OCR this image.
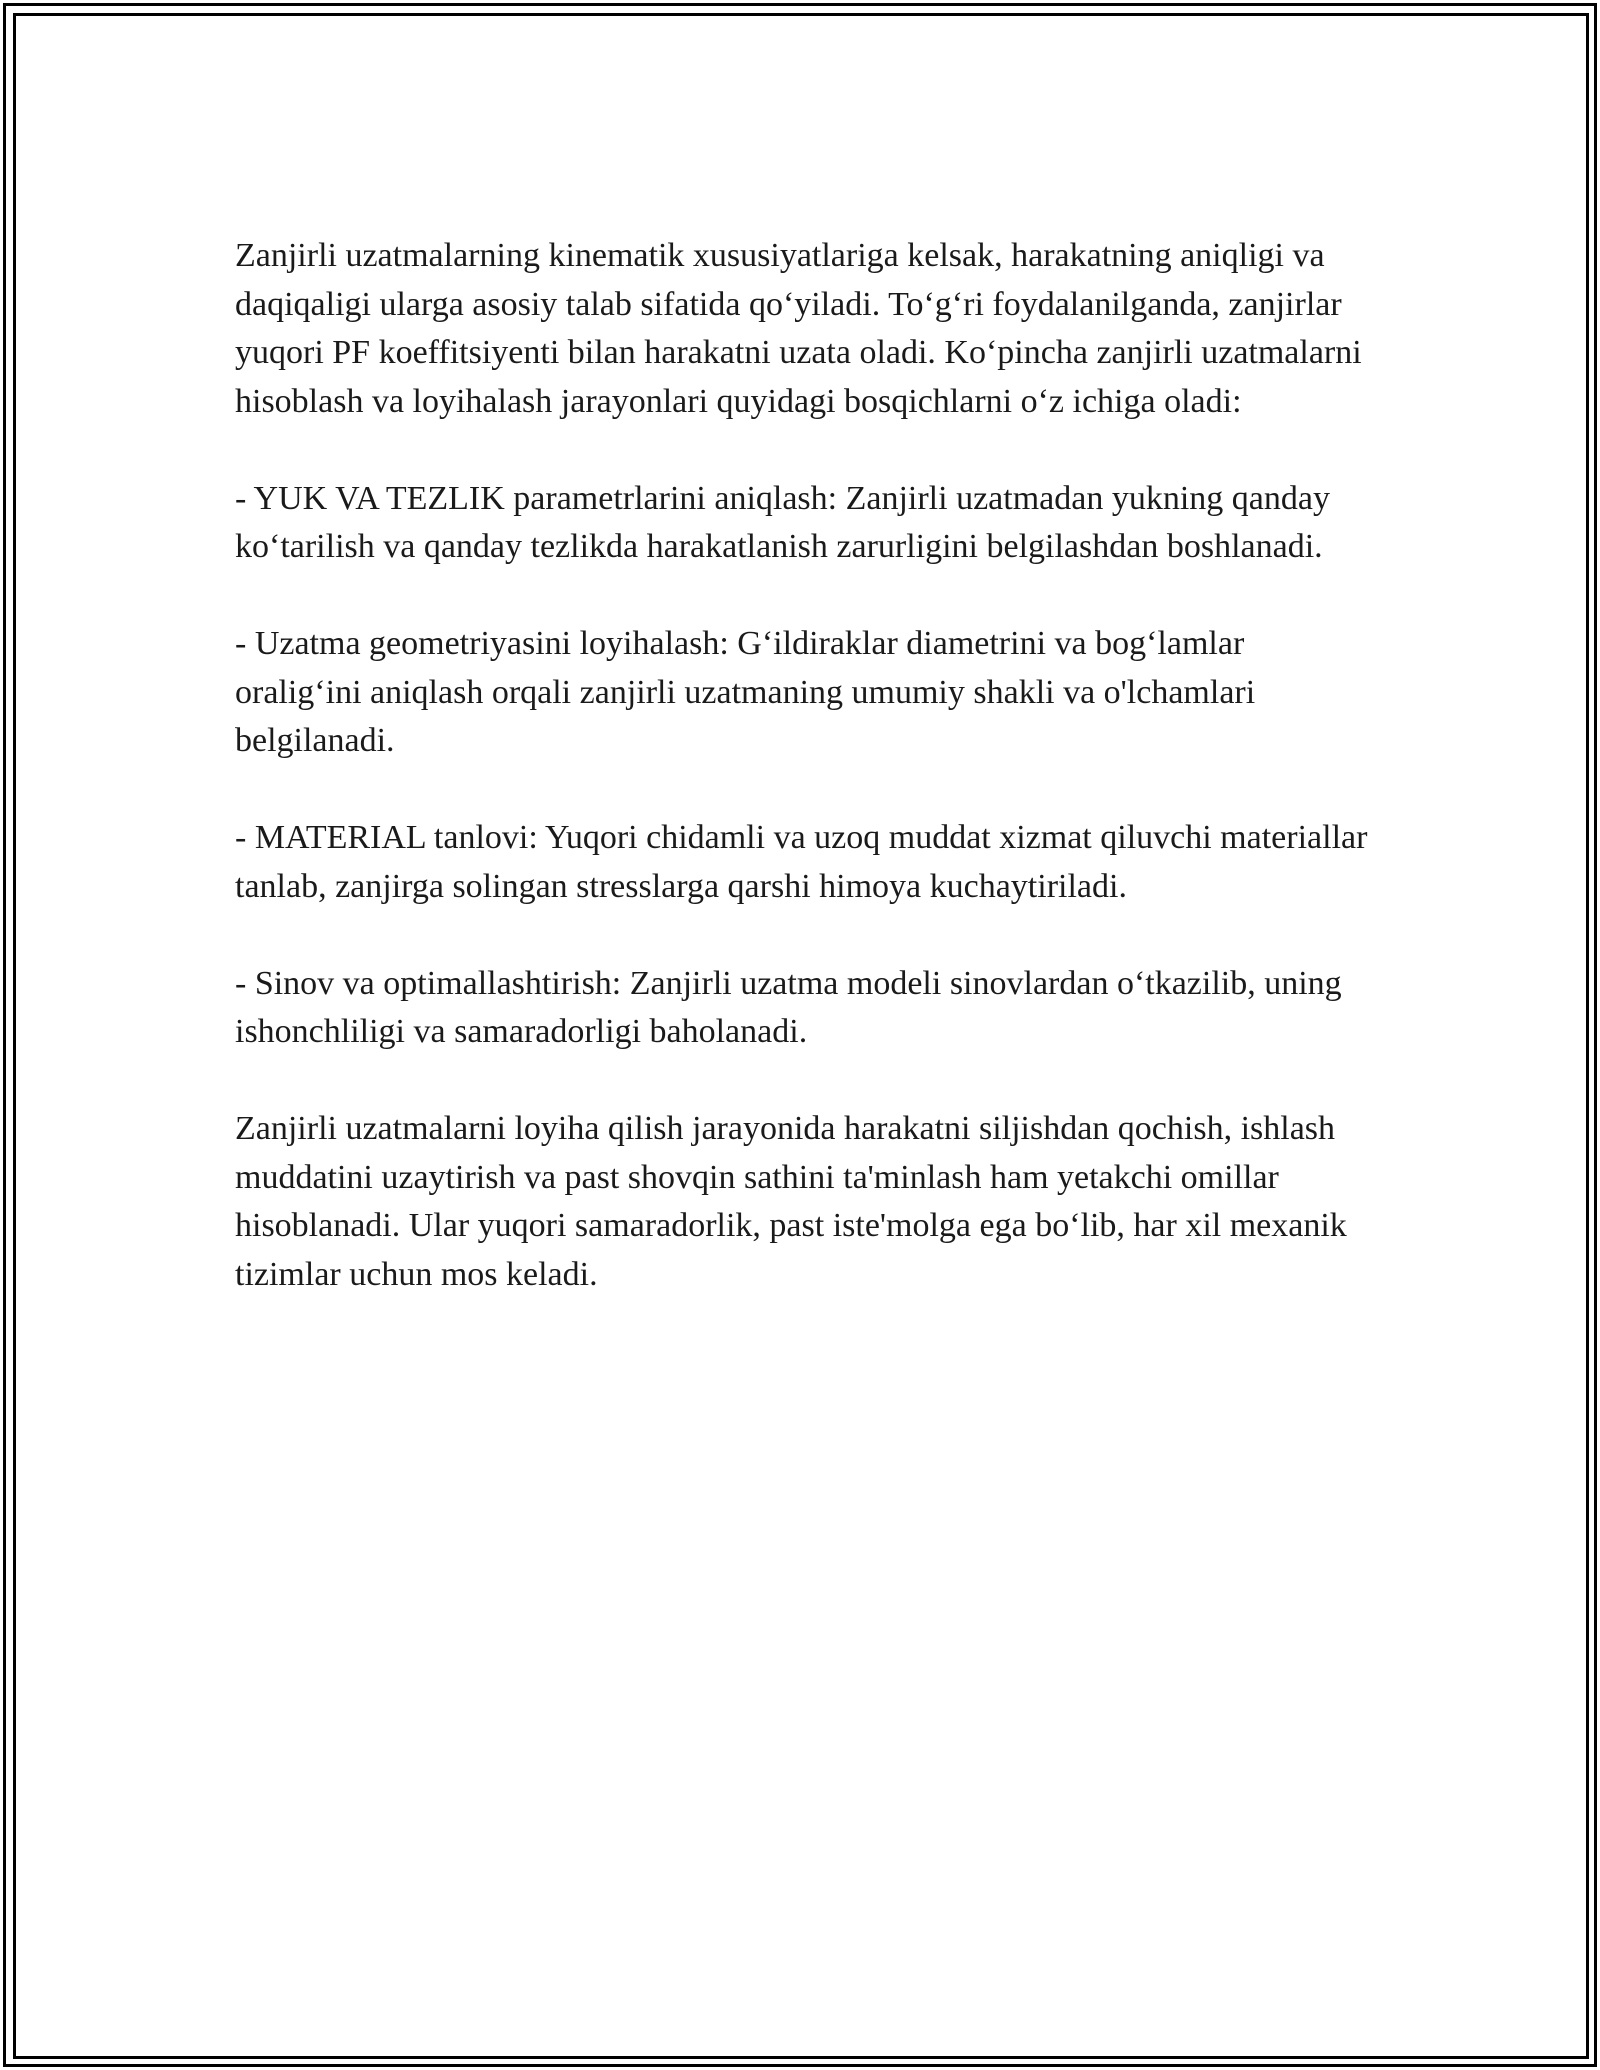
Zanjirli uzatmalarning kinematik xususiyatlariga kelsak, harakatning aniqligi va daqiqaligi ularga asosiy talab sifatida qo‘yiladi. To‘g‘ri foydalanilganda, zanjirlar yuqori PF koeffitsiyenti bilan harakatni uzata oladi. Ko‘pincha zanjirli uzatmalarni hisoblash va loyihalash jarayonlari quyidagi bosqichlarni o‘z ichiga oladi:

- YUK VA TEZLIK parametrlarini aniqlash: Zanjirli uzatmadan yukning qanday ko‘tarilish va qanday tezlikda harakatlanish zarurligini belgilashdan boshlanadi.

- Uzatma geometriyasini loyihalash: G‘ildiraklar diametrini va bog‘lamlar oralig‘ini aniqlash orqali zanjirli uzatmaning umumiy shakli va o'lchamlari belgilanadi.

- MATERIAL tanlovi: Yuqori chidamli va uzoq muddat xizmat qiluvchi materiallar tanlab, zanjirga solingan stresslarga qarshi himoya kuchaytiriladi.

- Sinov va optimallashtirish: Zanjirli uzatma modeli sinovlardan o‘tkazilib, uning ishonchliligi va samaradorligi baholanadi.

Zanjirli uzatmalarni loyiha qilish jarayonida harakatni siljishdan qochish, ishlash muddatini uzaytirish va past shovqin sathini ta'minlash ham yetakchi omillar hisoblanadi. Ular yuqori samaradorlik, past iste'molga ega bo‘lib, har xil mexanik tizimlar uchun mos keladi.
